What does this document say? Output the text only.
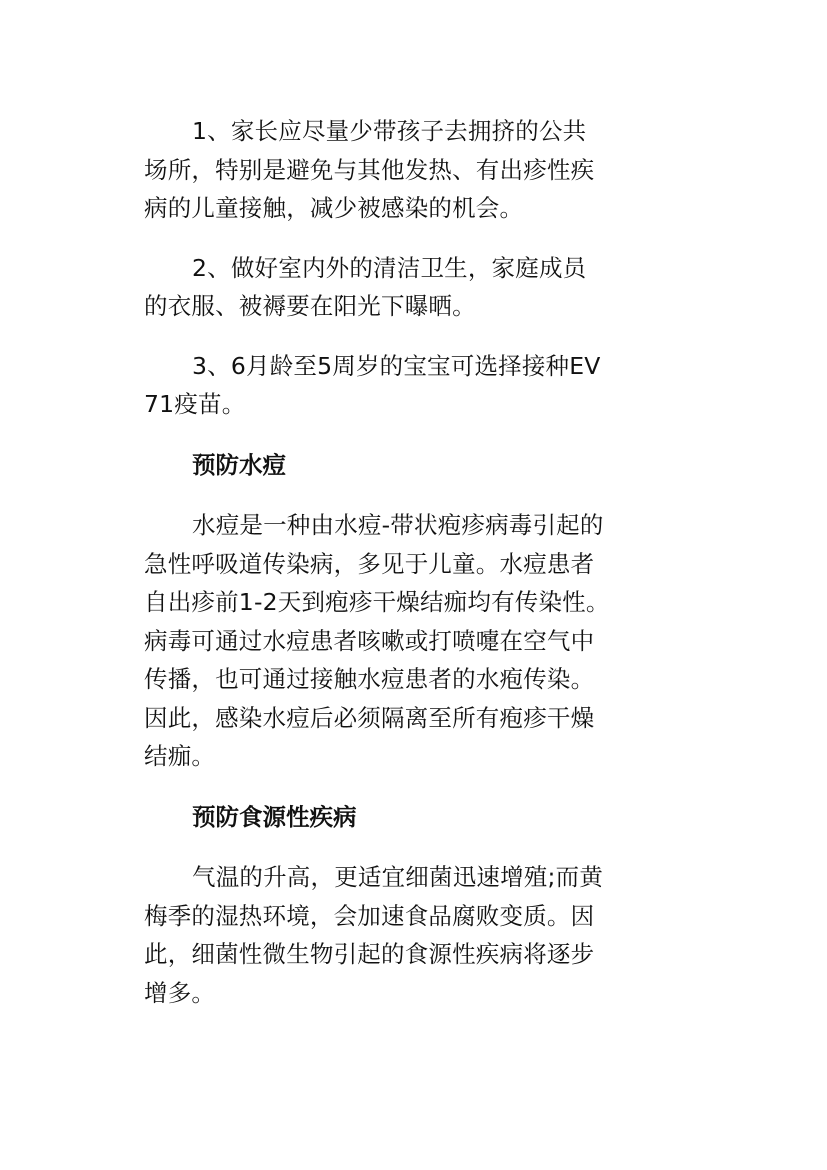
1、家长应尽量少带孩子去拥挤的公共场所，特别是避免与其他发热、有出疹性疾病的儿童接触，减少被感染的机会。

2、做好室内外的清洁卫生，家庭成员的衣服、被褥要在阳光下曝晒。

3、6月龄至5周岁的宝宝可选择接种EV71疫苗。

预防水痘

水痘是一种由水痘-带状疱疹病毒引起的急性呼吸道传染病，多见于儿童。水痘患者自出疹前1-2天到疱疹干燥结痂均有传染性。病毒可通过水痘患者咳嗽或打喷嚏在空气中传播，也可通过接触水痘患者的水疱传染。因此，感染水痘后必须隔离至所有疱疹干燥结痂。

预防食源性疾病

气温的升高，更适宜细菌迅速增殖;而黄梅季的湿热环境，会加速食品腐败变质。因此，细菌性微生物引起的食源性疾病将逐步增多。
